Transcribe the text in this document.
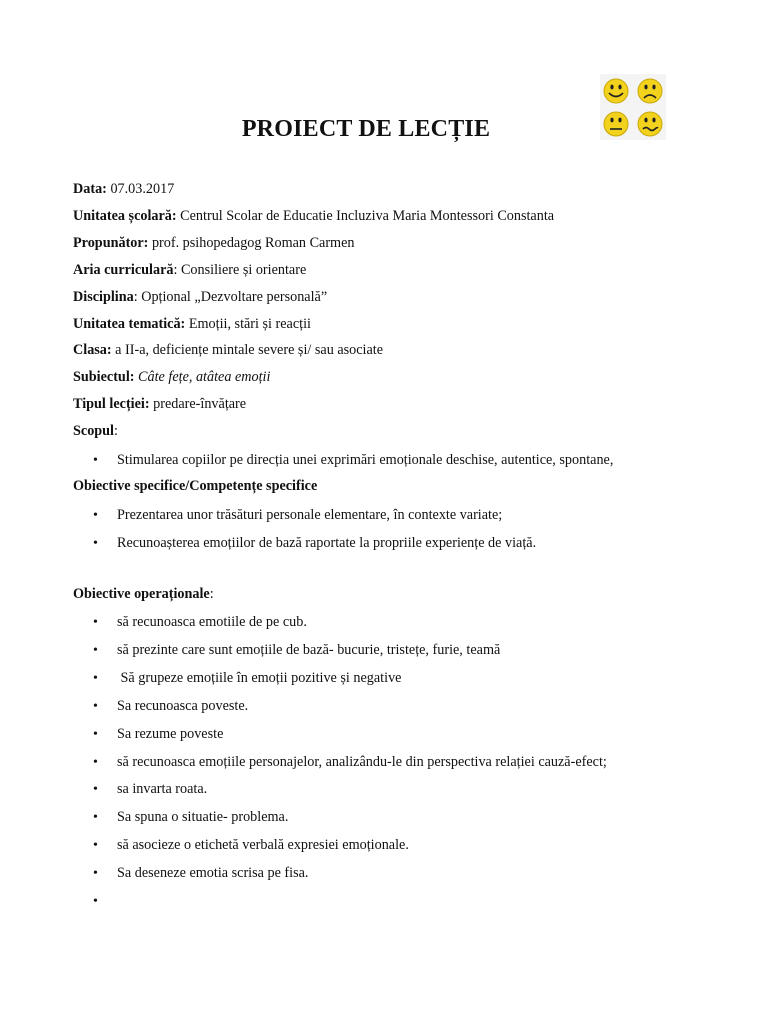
PROIECT DE LECȚIE
Data: 07.03.2017
Unitatea școlară: Centrul Scolar de Educatie Incluziva Maria Montessori Constanta
Propunător: prof. psihopedagog Roman Carmen
Aria curriculară: Consiliere și orientare
Disciplina: Opțional „Dezvoltare personală”
Unitatea tematică: Emoții, stări și reacții
Clasa: a II-a, deficiențe mintale severe și/ sau asociate
Subiectul: Câte fețe, atâtea emoții
Tipul lecției: predare-învățare
Scopul:
• Stimularea copiilor pe direcția unei exprimări emoționale deschise, autentice, spontane,
Obiective specifice/Competențe specifice
• Prezentarea unor trăsături personale elementare, în contexte variate;
• Recunoașterea emoțiilor de bază raportate la propriile experiențe de viață.
Obiective operaționale:
• să recunoasca emotiile de pe cub.
• să prezinte care sunt emoțiile de bază- bucurie, tristețe, furie, teamă
• Să grupeze emoțiile în emoții pozitive și negative
• Sa recunoasca poveste.
• Sa rezume poveste
• să recunoasca emoțiile personajelor, analizându-le din perspectiva relației cauză-efect;
• sa invarta roata.
• Sa spuna o situatie- problema.
• să asocieze o etichetă verbală expresiei emoționale.
• Sa deseneze emotia scrisa pe fisa.
•
